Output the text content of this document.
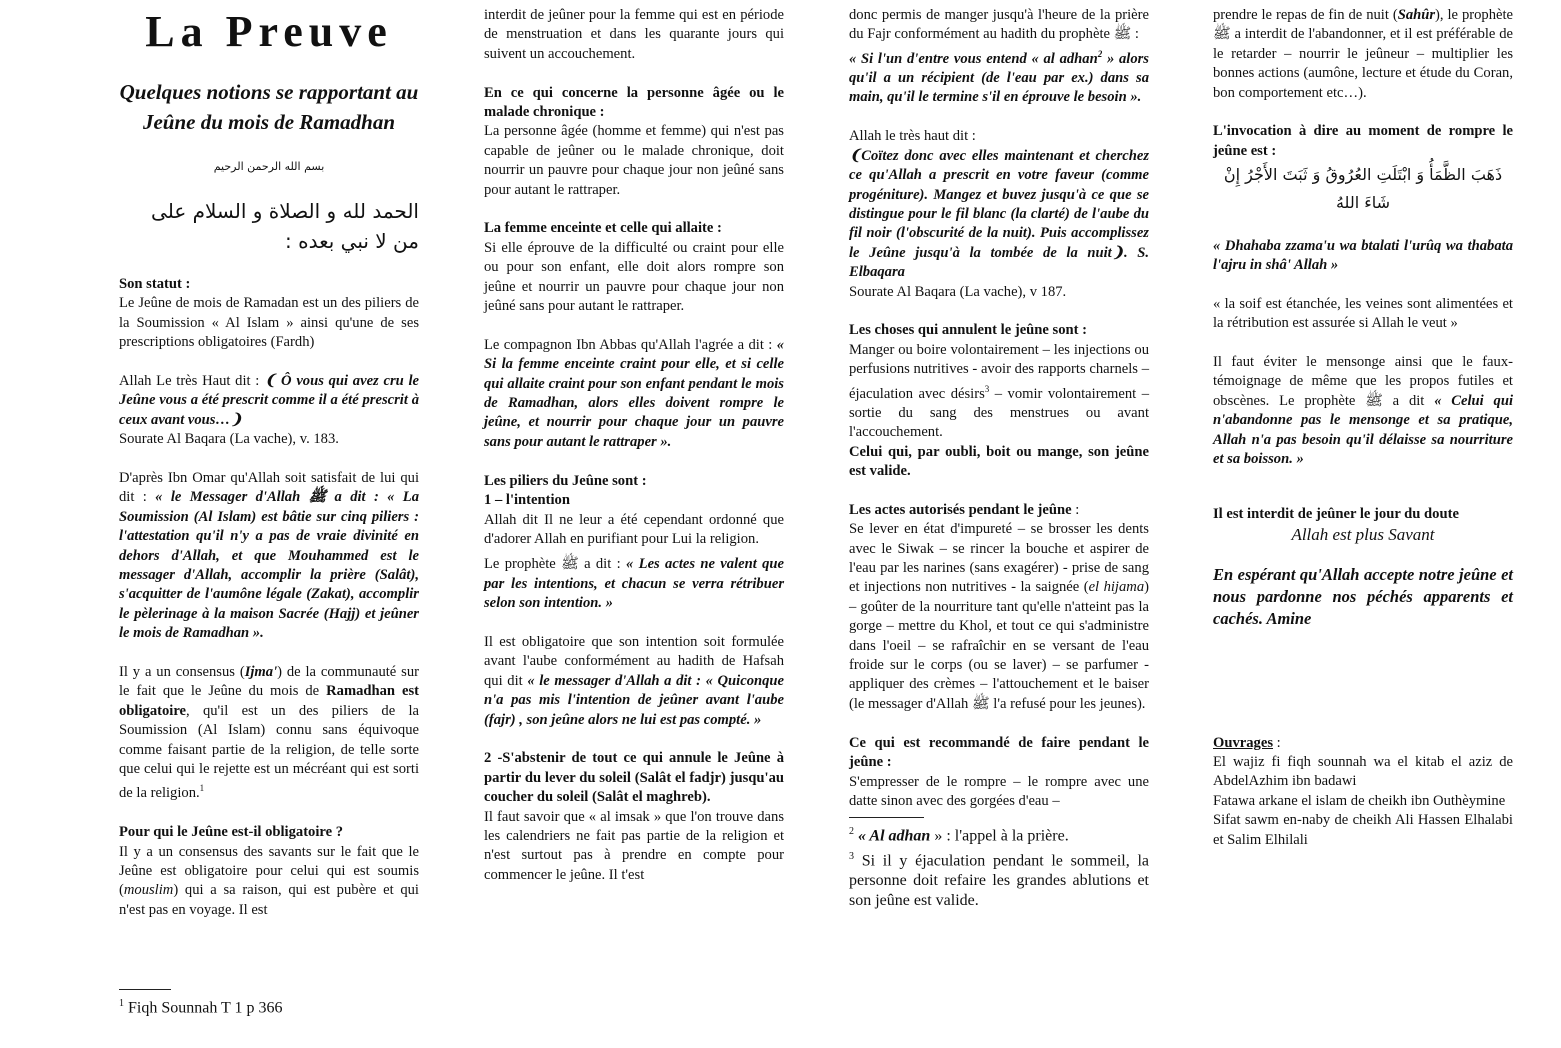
La Preuve

Quelques notions se rapportant au Jeûne du mois de Ramadhan

بسم الله الرحمن الرحيم

الحمد لله و الصلاة و السلام على من لا نبي بعده :

Son statut :

Le Jeûne de mois de Ramadan est un des piliers de la Soumission « Al Islam » ainsi qu'une de ses prescriptions obligatoires (Fardh)

Allah Le très Haut dit : ❨ Ô vous qui avez cru le Jeûne vous a été prescrit comme il a été prescrit à ceux avant vous…❩
Sourate Al Baqara (La vache), v. 183.

D'après Ibn Omar qu'Allah soit satisfait de lui qui dit : « le Messager d'Allah ﷺ a dit : « La Soumission (Al Islam) est bâtie sur cinq piliers : l'attestation qu'il n'y a pas de vraie divinité en dehors d'Allah, et que Mouhammed est le messager d'Allah, accomplir la prière (Salât), s'acquitter de l'aumône légale (Zakat), accomplir le pèlerinage à la maison Sacrée (Hajj) et jeûner le mois de Ramadhan ».

Il y a un consensus (Ijma') de la communauté sur le fait que le Jeûne du mois de Ramadhan est obligatoire, qu'il est un des piliers de la Soumission (Al Islam) connu sans équivoque comme faisant partie de la religion, de telle sorte que celui qui le rejette est un mécréant qui est sorti de la religion.$^1$

Pour qui le Jeûne est-il obligatoire ?

Il y a un consensus des savants sur le fait que le Jeûne est obligatoire pour celui qui est soumis (mouslim) qui a sa raison, qui est pubère et qui n'est pas en voyage. Il est

$^1$ Fiqh Sounnah T 1 p 366

interdit de jeûner pour la femme qui est en période de menstruation et dans les quarante jours qui suivent un accouchement.

En ce qui concerne la personne âgée ou le malade chronique :

La personne âgée (homme et femme) qui n'est pas capable de jeûner ou le malade chronique, doit nourrir un pauvre pour chaque jour non jeûné sans pour autant le rattraper.

La femme enceinte et celle qui allaite :

Si elle éprouve de la difficulté ou craint pour elle ou pour son enfant, elle doit alors rompre son jeûne et nourrir un pauvre pour chaque jour non jeûné sans pour autant le rattraper.

Le compagnon Ibn Abbas qu'Allah l'agrée a dit : « Si la femme enceinte craint pour elle, et si celle qui allaite craint pour son enfant pendant le mois de Ramadhan, alors elles doivent rompre le jeûne, et nourrir pour chaque jour un pauvre sans pour autant le rattraper ».

Les piliers du Jeûne sont :

1 – l'intention

Allah dit Il ne leur a été cependant ordonné que d'adorer Allah en purifiant pour Lui la religion.

Le prophète ﷺ a dit : « Les actes ne valent que par les intentions, et chacun se verra rétribuer selon son intention. »

Il est obligatoire que son intention soit formulée avant l'aube conformément au hadith de Hafsah qui dit « le messager d'Allah a dit : « Quiconque n'a pas mis l'intention de jeûner avant l'aube (fajr) , son jeûne alors ne lui est pas compté. »

2 -S'abstenir de tout ce qui annule le Jeûne à partir du lever du soleil (Salât el fadjr) jusqu'au coucher du soleil (Salât el maghreb).

Il faut savoir que « al imsak » que l'on trouve dans les calendriers ne fait pas partie de la religion et n'est surtout pas à prendre en compte pour commencer le jeûne. Il t'est

donc permis de manger jusqu'à l'heure de la prière du Fajr conformément au hadith du prophète ﷺ :

« Si l'un d'entre vous entend « al adhan$^2$ » alors qu'il a un récipient (de l'eau par ex.) dans sa main, qu'il le termine s'il en éprouve le besoin ».

Allah le très haut dit :
❨Coïtez donc avec elles maintenant et cherchez ce qu'Allah a prescrit en votre faveur (comme progéniture). Mangez et buvez jusqu'à ce que se distingue pour le fil blanc (la clarté) de l'aube du fil noir (l'obscurité de la nuit). Puis accomplissez le Jeûne jusqu'à la tombée de la nuit❩. S. Elbaqara
Sourate Al Baqara (La vache), v 187.

Les choses qui annulent le jeûne sont :

Manger ou boire volontairement – les injections ou perfusions nutritives - avoir des rapports charnels – éjaculation avec désirs$^3$ – vomir volontairement – sortie du sang des menstrues ou avant l'accouchement.

Celui qui, par oubli, boit ou mange, son jeûne est valide.

Les actes autorisés pendant le jeûne :

Se lever en état d'impureté – se brosser les dents avec le Siwak – se rincer la bouche et aspirer de l'eau par les narines (sans exagérer) - prise de sang et injections non nutritives - la saignée (el hijama) – goûter de la nourriture tant qu'elle n'atteint pas la gorge – mettre du Khol, et tout ce qui s'administre dans l'oeil – se rafraîchir en se versant de l'eau froide sur le corps (ou se laver) – se parfumer - appliquer des crèmes – l'attouchement et le baiser (le messager d'Allah ﷺ l'a refusé pour les jeunes).

Ce qui est recommandé de faire pendant le jeûne :

S'empresser de le rompre – le rompre avec une datte sinon avec des gorgées d'eau –

$^2$ « Al adhan » : l'appel à la prière.
$^3$ Si il y éjaculation pendant le sommeil, la personne doit refaire les grandes ablutions et son jeûne est valide.

prendre le repas de fin de nuit (Sahûr), le prophète ﷺ a interdit de l'abandonner, et il est préférable de le retarder – nourrir le jeûneur – multiplier les bonnes actions (aumône, lecture et étude du Coran, bon comportement etc…).

L'invocation à dire au moment de rompre le jeûne est :

ذَهَبَ الظَّمَأُ وَ ابْتَلَتِ العُرُوقُ وَ ثَبَتَ الأَجْرُ إِنْ شَاءَ اللهُ

« Dhahaba zzama'u wa btalati l'urûq wa thabata l'ajru in shâ' Allah »

« la soif est étanchée, les veines sont alimentées et la rétribution est assurée si Allah le veut »

Il faut éviter le mensonge ainsi que le faux-témoignage de même que les propos futiles et obscènes. Le prophète ﷺ a dit « Celui qui n'abandonne pas le mensonge et sa pratique, Allah n'a pas besoin qu'il délaisse sa nourriture et sa boisson. »

Il est interdit de jeûner le jour du doute

Allah est plus Savant

En espérant qu'Allah accepte notre jeûne et nous pardonne nos péchés apparents et cachés. Amine

Ouvrages :

El wajiz fi fiqh sounnah wa el kitab el aziz de AbdelAzhim ibn badawi

Fatawa arkane el islam de cheikh ibn Outhèymine

Sifat sawm en-naby de cheikh Ali Hassen Elhalabi et Salim Elhilali
